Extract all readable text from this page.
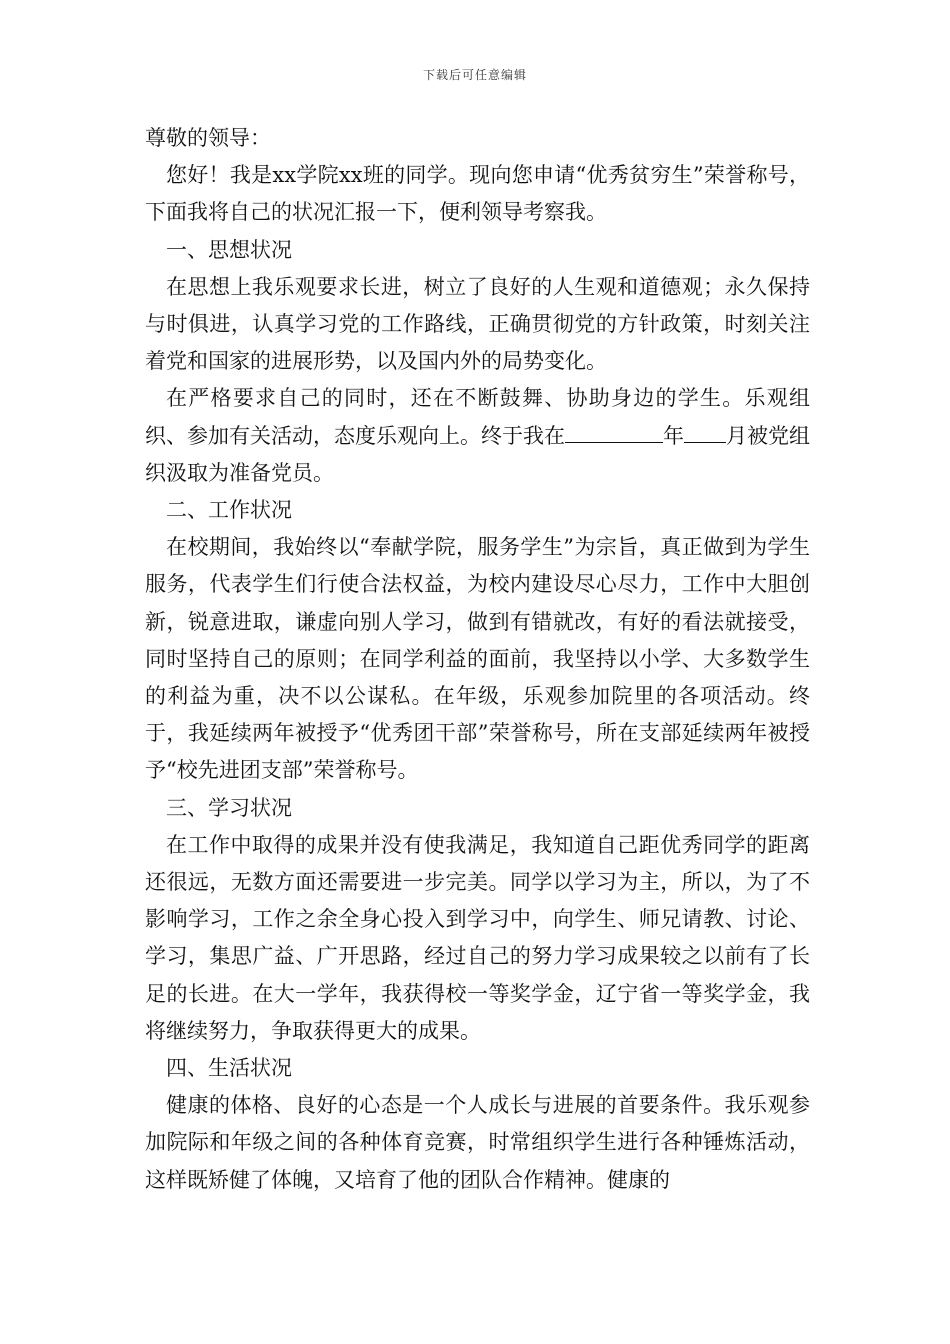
下载后可任意编辑

尊敬的领导：

您好！我是xx学院xx班的同学。现向您申请“优秀贫穷生”荣誉称号，下面我将自己的状况汇报一下，便利领导考察我。

一、思想状况

在思想上我乐观要求长进，树立了良好的人生观和道德观；永久保持与时俱进，认真学习党的工作路线，正确贯彻党的方针政策，时刻关注着党和国家的进展形势，以及国内外的局势变化。

在严格要求自己的同时，还在不断鼓舞、协助身边的学生。乐观组织、参加有关活动，态度乐观向上。终于我在	年 月被党组织汲取为准备党员。

二、工作状况

在校期间，我始终以“奉献学院，服务学生”为宗旨，真正做到为学生服务，代表学生们行使合法权益，为校内建设尽心尽力，工作中大胆创新，锐意进取，谦虚向别人学习，做到有错就改，有好的看法就接受，同时坚持自己的原则；在同学利益的面前，我坚持以小学、大多数学生的利益为重，决不以公谋私。在年级，乐观参加院里的各项活动。终于，我延续两年被授予“优秀团干部”荣誉称号，所在支部延续两年被授予“校先进团支部”荣誉称号。

三、学习状况

在工作中取得的成果并没有使我满足，我知道自己距优秀同学的距离还很远，无数方面还需要进一步完美。同学以学习为主，所以，为了不影响学习，工作之余全身心投入到学习中，向学生、师兄请教、讨论、学习，集思广益、广开思路，经过自己的努力学习成果较之以前有了长足的长进。在大一学年，我获得校一等奖学金，辽宁省一等奖学金，我将继续努力，争取获得更大的成果。

四、生活状况

健康的体格、良好的心态是一个人成长与进展的首要条件。我乐观参加院际和年级之间的各种体育竞赛，时常组织学生进行各种锤炼活动，这样既矫健了体魄，又培育了他的团队合作精神。健康的
